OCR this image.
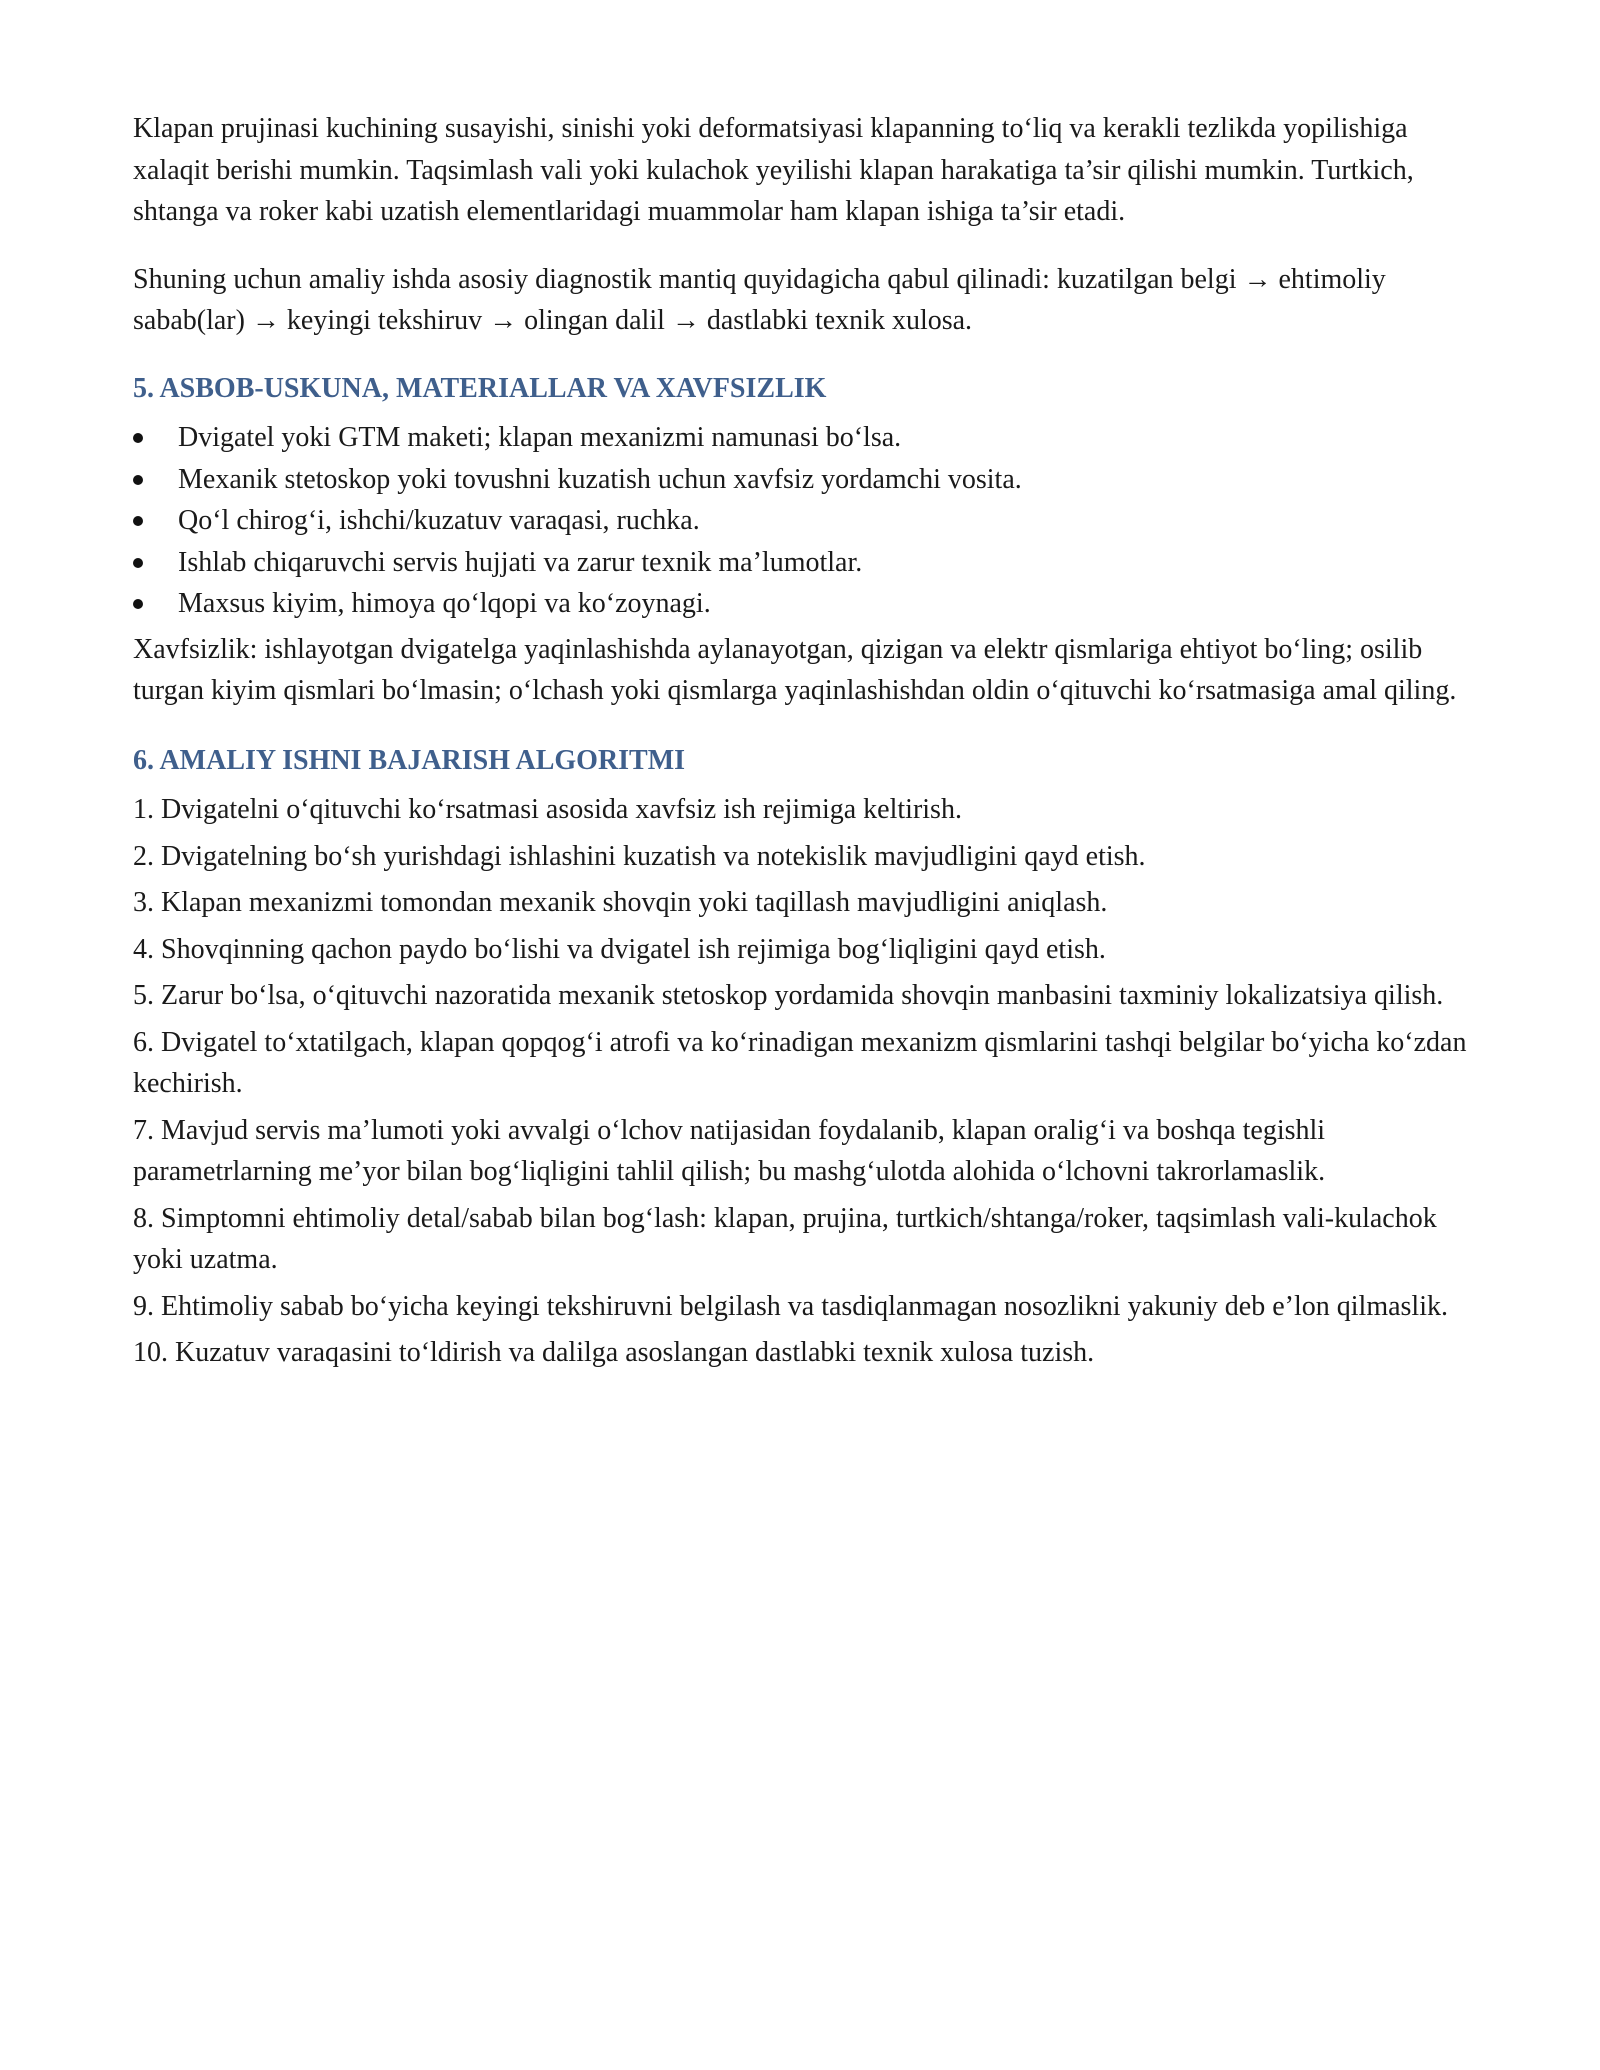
Klapan prujinasi kuchining susayishi, sinishi yoki deformatsiyasi klapanning to‘liq va kerakli tezlikda yopilishiga xalaqit berishi mumkin. Taqsimlash vali yoki kulachok yeyilishi klapan harakatiga ta’sir qilishi mumkin. Turtkich, shtanga va roker kabi uzatish elementlaridagi muammolar ham klapan ishiga ta’sir etadi.

Shuning uchun amaliy ishda asosiy diagnostik mantiq quyidagicha qabul qilinadi: kuzatilgan belgi → ehtimoliy sabab(lar) → keyingi tekshiruv → olingan dalil → dastlabki texnik xulosa.

5. ASBOB-USKUNA, MATERIALLAR VA XAVFSIZLIK
Dvigatel yoki GTM maketi; klapan mexanizmi namunasi bo‘lsa.
Mexanik stetoskop yoki tovushni kuzatish uchun xavfsiz yordamchi vosita.
Qo‘l chirog‘i, ishchi/kuzatuv varaqasi, ruchka.
Ishlab chiqaruvchi servis hujjati va zarur texnik ma’lumotlar.
Maxsus kiyim, himoya qo‘lqopi va ko‘zoynagi.

Xavfsizlik: ishlayotgan dvigatelga yaqinlashishda aylanayotgan, qizigan va elektr qismlariga ehtiyot bo‘ling; osilib turgan kiyim qismlari bo‘lmasin; o‘lchash yoki qismlarga yaqinlashishdan oldin o‘qituvchi ko‘rsatmasiga amal qiling.

6. AMALIY ISHNI BAJARISH ALGORITMI
1. Dvigatelni o‘qituvchi ko‘rsatmasi asosida xavfsiz ish rejimiga keltirish.
2. Dvigatelning bo‘sh yurishdagi ishlashini kuzatish va notekislik mavjudligini qayd etish.
3. Klapan mexanizmi tomondan mexanik shovqin yoki taqillash mavjudligini aniqlash.
4. Shovqinning qachon paydo bo‘lishi va dvigatel ish rejimiga bog‘liqligini qayd etish.
5. Zarur bo‘lsa, o‘qituvchi nazoratida mexanik stetoskop yordamida shovqin manbasini taxminiy lokalizatsiya qilish.
6. Dvigatel to‘xtatilgach, klapan qopqog‘i atrofi va ko‘rinadigan mexanizm qismlarini tashqi belgilar bo‘yicha ko‘zdan kechirish.
7. Mavjud servis ma’lumoti yoki avvalgi o‘lchov natijasidan foydalanib, klapan oralig‘i va boshqa tegishli parametrlarning me’yor bilan bog‘liqligini tahlil qilish; bu mashg‘ulotda alohida o‘lchovni takrorlamaslik.
8. Simptomni ehtimoliy detal/sabab bilan bog‘lash: klapan, prujina, turtkich/shtanga/roker, taqsimlash vali-kulachok yoki uzatma.
9. Ehtimoliy sabab bo‘yicha keyingi tekshiruvni belgilash va tasdiqlanmagan nosozlikni yakuniy deb e’lon qilmaslik.
10. Kuzatuv varaqasini to‘ldirish va dalilga asoslangan dastlabki texnik xulosa tuzish.
